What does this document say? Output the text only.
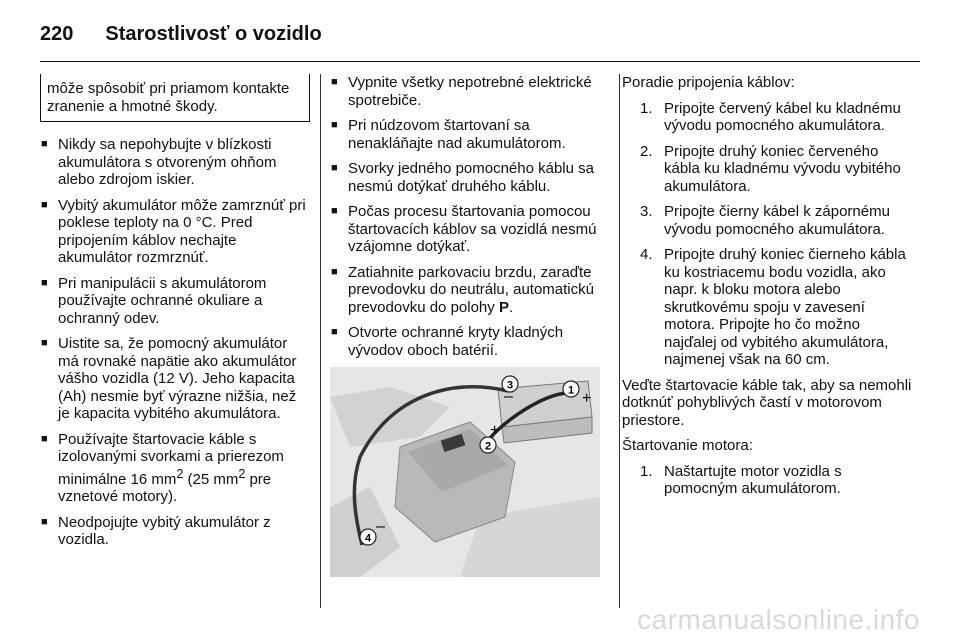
220 Starostlivosť o vozidlo
môže spôsobiť pri priamom kontakte zranenie a hmotné škody.
■ Nikdy sa nepohybujte v blízkosti akumulátora s otvoreným ohňom alebo zdrojom iskier.
■ Vybitý akumulátor môže zamrznúť pri poklese teploty na 0 °C. Pred pripojením káblov nechajte akumulátor rozmrznúť.
■ Pri manipulácii s akumulátorom používajte ochranné okuliare a ochranný odev.
■ Uistite sa, že pomocný akumulátor má rovnaké napätie ako akumulátor vášho vozidla (12 V). Jeho kapacita (Ah) nesmie byť výrazne nižšia, než je kapacita vybitého akumulátora.
■ Používajte štartovacie káble s izolovanými svorkami a prierezom minimálne 16 $mm^2$ (25 $mm^2$ pre vznetové motory).
■ Neodpojujte vybitý akumulátor z vozidla.
■ Vypnite všetky nepotrebné elektrické spotrebiče.
■ Pri núdzovom štartovaní sa nenakláňajte nad akumulátorom.
■ Svorky jedného pomocného káblu sa nesmú dotýkať druhého káblu.
■ Počas procesu štartovania pomocou štartovacích káblov sa vozidlá nesmú vzájomne dotýkať.
■ Zatiahnite parkovaciu brzdu, zaraďte prevodovku do neutrálu, automatickú prevodovku do polohy P.
■ Otvorte ochranné kryty kladných vývodov oboch batérií.
1
2
3
4
+
–
+
–

Poradie pripojenia káblov:

1. Pripojte červený kábel ku kladnému vývodu pomocného akumulátora.
2. Pripojte druhý koniec červeného kábla ku kladnému vývodu vybitého akumulátora.
3. Pripojte čierny kábel k zápornému vývodu pomocného akumulátora.
4. Pripojte druhý koniec čierneho kábla ku kostriacemu bodu vozidla, ako napr. k bloku motora alebo skrutkovému spoju v zavesení motora. Pripojte ho čo možno najďalej od vybitého akumulátora, najmenej však na 60 cm.

Veďte štartovacie káble tak, aby sa nemohli dotknúť pohyblivých častí v motorovom priestore.

Štartovanie motora:

1. Naštartujte motor vozidla s pomocným akumulátorom.
carmanualsonline.info
